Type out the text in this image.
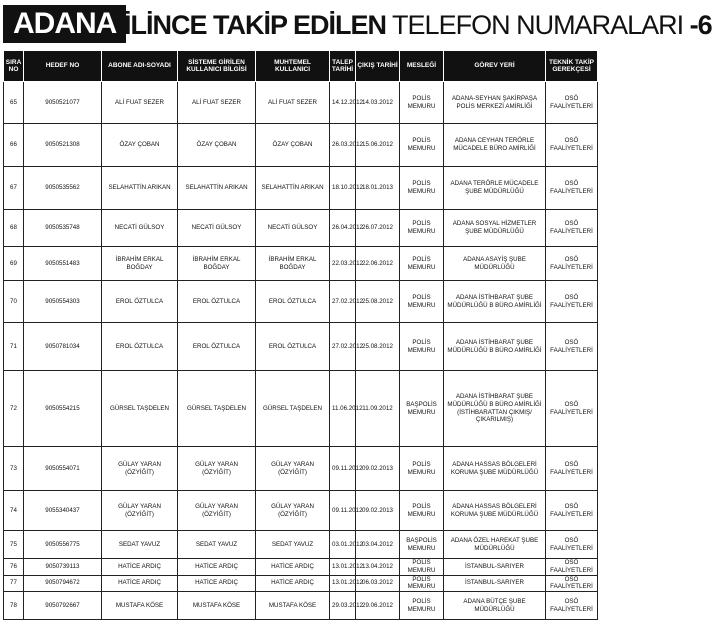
ADANA İLİNCE TAKİP EDİLEN TELEFON NUMARALARI -6
SIRA NO	HEDEF NO	ABONE ADI-SOYADI	SİSTEME GİRİLEN KULLANICI BİLGİSİ	MUHTEMEL KULLANICI	TALEP TARİHİ	ÇIKIŞ TARİHİ	MESLEĞİ	GÖREV YERİ	TEKNİK TAKİP GEREKÇESİ
65	9050521077	ALİ FUAT SEZER	ALİ FUAT SEZER	ALİ FUAT SEZER	14.12.2012	14.03.2012	POLİS MEMURU	ADANA-SEYHAN ŞAKİRPAŞA POLİS MERKEZİ AMİRLİĞİ	OSÖ FAALİYETLERİ
66	9050521308	ÖZAY ÇOBAN	ÖZAY ÇOBAN	ÖZAY ÇOBAN	26.03.2012	15.06.2012	POLİS MEMURU	ADANA CEYHAN TERÖRLE MÜCADELE BÜRO AMİRLİĞİ	OSÖ FAALİYETLERİ
67	9050535562	SELAHATTİN ARIKAN	SELAHATTİN ARIKAN	SELAHATTİN ARIKAN	18.10.2012	18.01.2013	POLİS MEMURU	ADANA TERÖRLE MÜCADELE ŞUBE MÜDÜRLÜĞÜ	OSÖ FAALİYETLERİ
68	9050535748	NECATİ GÜLSOY	NECATİ GÜLSOY	NECATİ GÜLSOY	26.04.2012	26.07.2012	POLİS MEMURU	ADANA SOSYAL HİZMETLER ŞUBE MÜDÜRLÜĞÜ	OSÖ FAALİYETLERİ
69	9050551483	İBRAHİM ERKAL BOĞDAY	İBRAHİM ERKAL BOĞDAY	İBRAHİM ERKAL BOĞDAY	22.03.2012	22.06.2012	POLİS MEMURU	ADANA ASAYİŞ ŞUBE MÜDÜRLÜĞÜ	OSÖ FAALİYETLERİ
70	9050554303	EROL ÖZTULCA	EROL ÖZTULCA	EROL ÖZTULCA	27.02.2012	25.08.2012	POLİS MEMURU	ADANA İSTİHBARAT ŞUBE MÜDÜRLÜĞÜ B BÜRO AMİRLİĞİ	OSÖ FAALİYETLERİ
71	9050781034	EROL ÖZTULCA	EROL ÖZTULCA	EROL ÖZTULCA	27.02.2012	25.08.2012	POLİS MEMURU	ADANA İSTİHBARAT ŞUBE MÜDÜRLÜĞÜ B BÜRO AMİRLİĞİ	OSÖ FAALİYETLERİ
72	9050554215	GÜRSEL TAŞDELEN	GÜRSEL TAŞDELEN	GÜRSEL TAŞDELEN	11.06.2012	11.09.2012	BAŞPOLİS MEMURU	ADANA İSTİHBARAT ŞUBE MÜDÜRLÜĞÜ B BÜRO AMİRLİĞİ (İSTİHBARATTAN ÇIKMIŞ/ÇIKARILMIŞ)	OSÖ FAALİYETLERİ
73	9050554071	GÜLAY YARAN (ÖZYİĞİT)	GÜLAY YARAN (ÖZYİĞİT)	GÜLAY YARAN (ÖZYİĞİT)	09.11.2012	09.02.2013	POLİS MEMURU	ADANA HASSAS BÖLGELERİ KORUMA ŞUBE MÜDÜRLÜĞÜ	OSÖ FAALİYETLERİ
74	9055340437	GÜLAY YARAN (ÖZYİĞİT)	GÜLAY YARAN (ÖZYİĞİT)	GÜLAY YARAN (ÖZYİĞİT)	09.11.2012	09.02.2013	POLİS MEMURU	ADANA HASSAS BÖLGELERİ KORUMA ŞUBE MÜDÜRLÜĞÜ	OSÖ FAALİYETLERİ
75	9050556775	SEDAT YAVUZ	SEDAT YAVUZ	SEDAT YAVUZ	03.01.2012	03.04.2012	BAŞPOLİS MEMURU	ADANA ÖZEL HAREKAT ŞUBE MÜDÜRLÜĞÜ	OSÖ FAALİYETLERİ
76	9050739113	HATİCE ARDIÇ	HATİCE ARDIÇ	HATİCE ARDIÇ	13.01.2012	13.04.2012	POLİS MEMURU	İSTANBUL-SARIYER	OSÖ FAALİYETLERİ
77	9050794672	HATİCE ARDIÇ	HATİCE ARDIÇ	HATİCE ARDIÇ	13.01.2012	06.03.2012	POLİS MEMURU	İSTANBUL-SARIYER	OSÖ FAALİYETLERİ
78	9050792667	MUSTAFA KÖSE	MUSTAFA KÖSE	MUSTAFA KÖSE	29.03.2012	29.06.2012	POLİS MEMURU	ADANA BÜTÇE ŞUBE MÜDÜRLÜĞÜ	OSÖ FAALİYETLERİ
